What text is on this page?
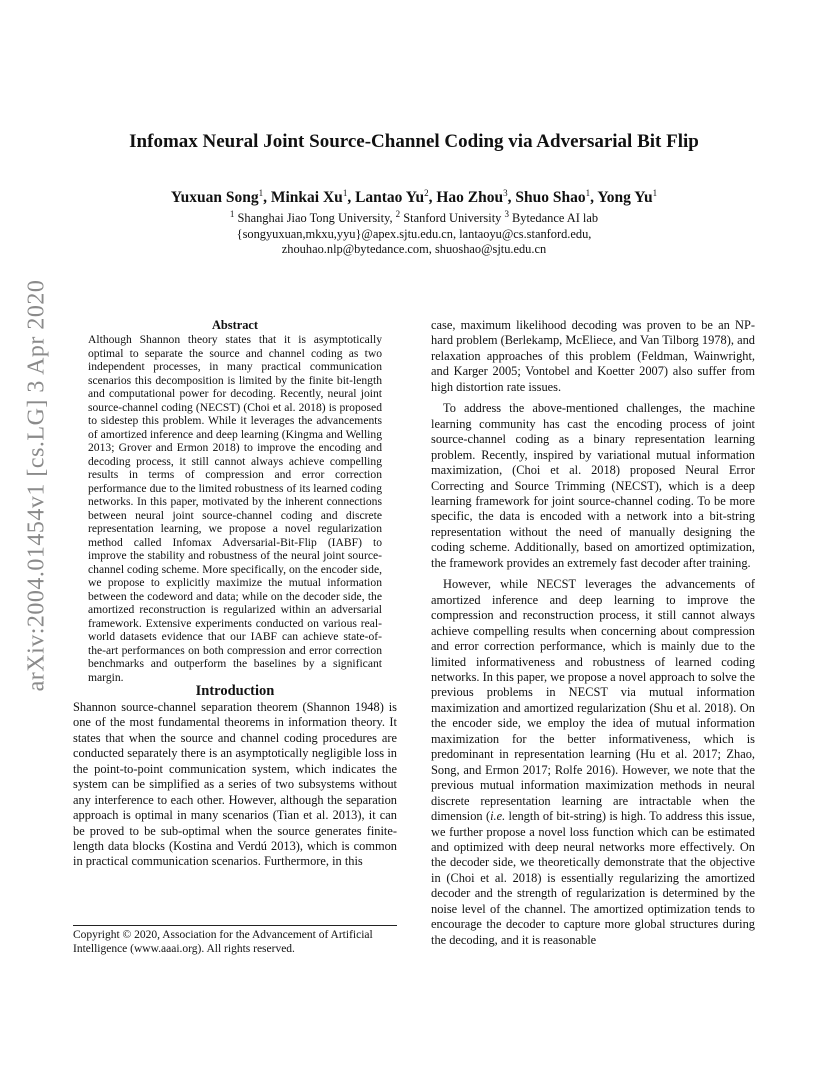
arXiv:2004.01454v1 [cs.LG] 3 Apr 2020
Infomax Neural Joint Source-Channel Coding via Adversarial Bit Flip
Yuxuan Song$^1$, Minkai Xu$^1$, Lantao Yu$^2$, Hao Zhou$^3$, Shuo Shao$^1$, Yong Yu$^1$
$^1$ Shanghai Jiao Tong University, $^2$ Stanford University $^3$ Bytedance AI lab
{songyuxuan,mkxu,yyu}@apex.sjtu.edu.cn, lantaoyu@cs.stanford.edu,
zhouhao.nlp@bytedance.com, shuoshao@sjtu.edu.cn

Abstract

Although Shannon theory states that it is asymptotically optimal to separate the source and channel coding as two independent processes, in many practical communication scenarios this decomposition is limited by the finite bit-length and computational power for decoding. Recently, neural joint source-channel coding (NECST) (Choi et al. 2018) is proposed to sidestep this problem. While it leverages the advancements of amortized inference and deep learning (Kingma and Welling 2013; Grover and Ermon 2018) to improve the encoding and decoding process, it still cannot always achieve compelling results in terms of compression and error correction performance due to the limited robustness of its learned coding networks. In this paper, motivated by the inherent connections between neural joint source-channel coding and discrete representation learning, we propose a novel regularization method called Infomax Adversarial-Bit-Flip (IABF) to improve the stability and robustness of the neural joint source-channel coding scheme. More specifically, on the encoder side, we propose to explicitly maximize the mutual information between the codeword and data; while on the decoder side, the amortized reconstruction is regularized within an adversarial framework. Extensive experiments conducted on various real-world datasets evidence that our IABF can achieve state-of-the-art performances on both compression and error correction benchmarks and outperform the baselines by a significant margin.

Introduction

Shannon source-channel separation theorem (Shannon 1948) is one of the most fundamental theorems in information theory. It states that when the source and channel coding procedures are conducted separately there is an asymptotically negligible loss in the point-to-point communication system, which indicates the system can be simplified as a series of two subsystems without any interference to each other. However, although the separation approach is optimal in many scenarios (Tian et al. 2013), it can be proved to be sub-optimal when the source generates finite-length data blocks (Kostina and Verdú 2013), which is common in practical communication scenarios. Furthermore, in this

Copyright © 2020, Association for the Advancement of Artificial Intelligence (www.aaai.org). All rights reserved.

case, maximum likelihood decoding was proven to be an NP-hard problem (Berlekamp, McEliece, and Van Tilborg 1978), and relaxation approaches of this problem (Feldman, Wainwright, and Karger 2005; Vontobel and Koetter 2007) also suffer from high distortion rate issues.

To address the above-mentioned challenges, the machine learning community has cast the encoding process of joint source-channel coding as a binary representation learning problem. Recently, inspired by variational mutual information maximization, (Choi et al. 2018) proposed Neural Error Correcting and Source Trimming (NECST), which is a deep learning framework for joint source-channel coding. To be more specific, the data is encoded with a network into a bit-string representation without the need of manually designing the coding scheme. Additionally, based on amortized optimization, the framework provides an extremely fast decoder after training.

However, while NECST leverages the advancements of amortized inference and deep learning to improve the compression and reconstruction process, it still cannot always achieve compelling results when concerning about compression and error correction performance, which is mainly due to the limited informativeness and robustness of learned coding networks. In this paper, we propose a novel approach to solve the previous problems in NECST via mutual information maximization and amortized regularization (Shu et al. 2018). On the encoder side, we employ the idea of mutual information maximization for the better informativeness, which is predominant in representation learning (Hu et al. 2017; Zhao, Song, and Ermon 2017; Rolfe 2016). However, we note that the previous mutual information maximization methods in neural discrete representation learning are intractable when the dimension (i.e. length of bit-string) is high. To address this issue, we further propose a novel loss function which can be estimated and optimized with deep neural networks more effectively. On the decoder side, we theoretically demonstrate that the objective in (Choi et al. 2018) is essentially regularizing the amortized decoder and the strength of regularization is determined by the noise level of the channel. The amortized optimization tends to encourage the decoder to capture more global structures during the decoding, and it is reasonable
